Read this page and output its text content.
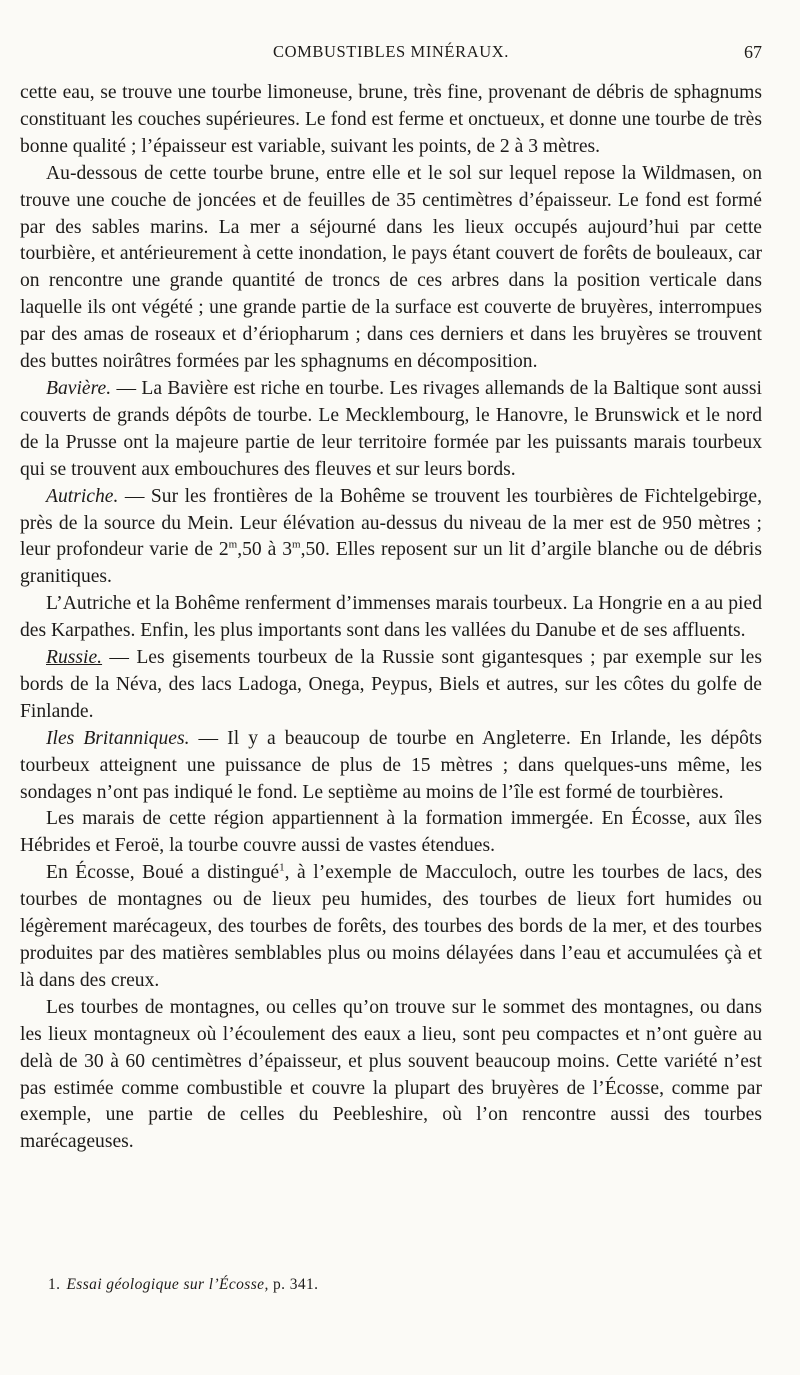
COMBUSTIBLES MINÉRAUX.	67

cette eau, se trouve une tourbe limoneuse, brune, très fine, provenant de débris de sphagnums constituant les couches supérieures. Le fond est ferme et onctueux, et donne une tourbe de très bonne qualité ; l’épaisseur est variable, suivant les points, de 2 à 3 mètres.

Au-dessous de cette tourbe brune, entre elle et le sol sur lequel repose la Wildmasen, on trouve une couche de joncées et de feuilles de 35 centimètres d’épaisseur. Le fond est formé par des sables marins. La mer a séjourné dans les lieux occupés aujourd’hui par cette tourbière, et antérieurement à cette inondation, le pays étant couvert de forêts de bouleaux, car on rencontre une grande quantité de troncs de ces arbres dans la position verticale dans laquelle ils ont végété ; une grande partie de la surface est couverte de bruyères, interrompues par des amas de roseaux et d’ériopharum ; dans ces derniers et dans les bruyères se trouvent des buttes noirâtres formées par les sphagnums en décomposition.

Bavière. — La Bavière est riche en tourbe. Les rivages allemands de la Baltique sont aussi couverts de grands dépôts de tourbe. Le Mecklembourg, le Hanovre, le Brunswick et le nord de la Prusse ont la majeure partie de leur territoire formée par les puissants marais tourbeux qui se trouvent aux embouchures des fleuves et sur leurs bords.

Autriche. — Sur les frontières de la Bohême se trouvent les tourbières de Fichtelgebirge, près de la source du Mein. Leur élévation au-dessus du niveau de la mer est de 950 mètres ; leur profondeur varie de 2$^m$,50 à 3$^m$,50. Elles reposent sur un lit d’argile blanche ou de débris granitiques.

L’Autriche et la Bohême renferment d’immenses marais tourbeux. La Hongrie en a au pied des Karpathes. Enfin, les plus importants sont dans les vallées du Danube et de ses affluents.

Russie. — Les gisements tourbeux de la Russie sont gigantesques ; par exemple sur les bords de la Néva, des lacs Ladoga, Onega, Peypus, Biels et autres, sur les côtes du golfe de Finlande.

Iles Britanniques. — Il y a beaucoup de tourbe en Angleterre. En Irlande, les dépôts tourbeux atteignent une puissance de plus de 15 mètres ; dans quelques-uns même, les sondages n’ont pas indiqué le fond. Le septième au moins de l’île est formé de tourbières.

Les marais de cette région appartiennent à la formation immergée. En Écosse, aux îles Hébrides et Feroë, la tourbe couvre aussi de vastes étendues.

En Écosse, Boué a distingué$^1$, à l’exemple de Macculoch, outre les tourbes de lacs, des tourbes de montagnes ou de lieux peu humides, des tourbes de lieux fort humides ou légèrement marécageux, des tourbes de forêts, des tourbes des bords de la mer, et des tourbes produites par des matières semblables plus ou moins délayées dans l’eau et accumulées çà et là dans des creux.

Les tourbes de montagnes, ou celles qu’on trouve sur le sommet des montagnes, ou dans les lieux montagneux où l’écoulement des eaux a lieu, sont peu compactes et n’ont guère au delà de 30 à 60 centimètres d’épaisseur, et plus souvent beaucoup moins. Cette variété n’est pas estimée comme combustible et couvre la plupart des bruyères de l’Écosse, comme par exemple, une partie de celles du Peebleshire, où l’on rencontre aussi des tourbes marécageuses.

1. Essai géologique sur l’Écosse, p. 341.
